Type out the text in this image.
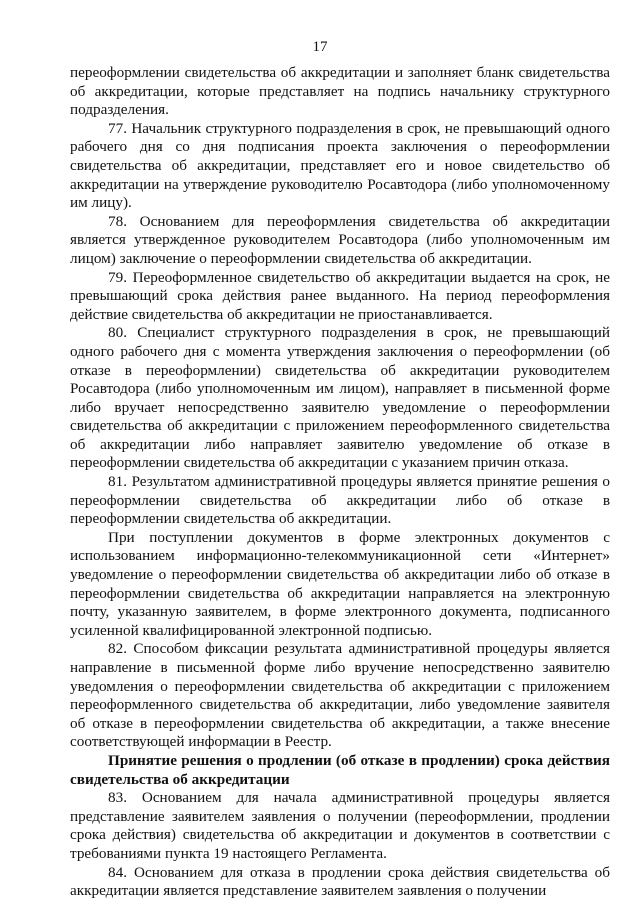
17

переоформлении свидетельства об аккредитации и заполняет бланк свидетельства об аккредитации, которые представляет на подпись начальнику структурного подразделения.

77. Начальник структурного подразделения в срок, не превышающий одного рабочего дня со дня подписания проекта заключения о переоформлении свидетельства об аккредитации, представляет его и новое свидетельство об аккредитации на утверждение руководителю Росавтодора (либо уполномоченному им лицу).

78. Основанием для переоформления свидетельства об аккредитации является утвержденное руководителем Росавтодора (либо уполномоченным им лицом) заключение о переоформлении свидетельства об аккредитации.

79. Переоформленное свидетельство об аккредитации выдается на срок, не превышающий срока действия ранее выданного. На период переоформления действие свидетельства об аккредитации не приостанавливается.

80. Специалист структурного подразделения в срок, не превышающий одного рабочего дня с момента утверждения заключения о переоформлении (об отказе в переоформлении) свидетельства об аккредитации руководителем Росавтодора (либо уполномоченным им лицом), направляет в письменной форме либо вручает непосредственно заявителю уведомление о переоформлении свидетельства об аккредитации с приложением переоформленного свидетельства об аккредитации либо направляет заявителю уведомление об отказе в переоформлении свидетельства об аккредитации с указанием причин отказа.

81. Результатом административной процедуры является принятие решения о переоформлении свидетельства об аккредитации либо об отказе в переоформлении свидетельства об аккредитации.

При поступлении документов в форме электронных документов с использованием информационно-телекоммуникационной сети «Интернет» уведомление о переоформлении свидетельства об аккредитации либо об отказе в переоформлении свидетельства об аккредитации направляется на электронную почту, указанную заявителем, в форме электронного документа, подписанного усиленной квалифицированной электронной подписью.

82. Способом фиксации результата административной процедуры является направление в письменной форме либо вручение непосредственно заявителю уведомления о переоформлении свидетельства об аккредитации с приложением переоформленного свидетельства об аккредитации, либо уведомление заявителя об отказе в переоформлении свидетельства об аккредитации, а также внесение соответствующей информации в Реестр.

Принятие решения о продлении (об отказе в продлении) срока действия свидетельства об аккредитации

83. Основанием для начала административной процедуры является представление заявителем заявления о получении (переоформлении, продлении срока действия) свидетельства об аккредитации и документов в соответствии с требованиями пункта 19 настоящего Регламента.

84. Основанием для отказа в продлении срока действия свидетельства об аккредитации является представление заявителем заявления о получении
